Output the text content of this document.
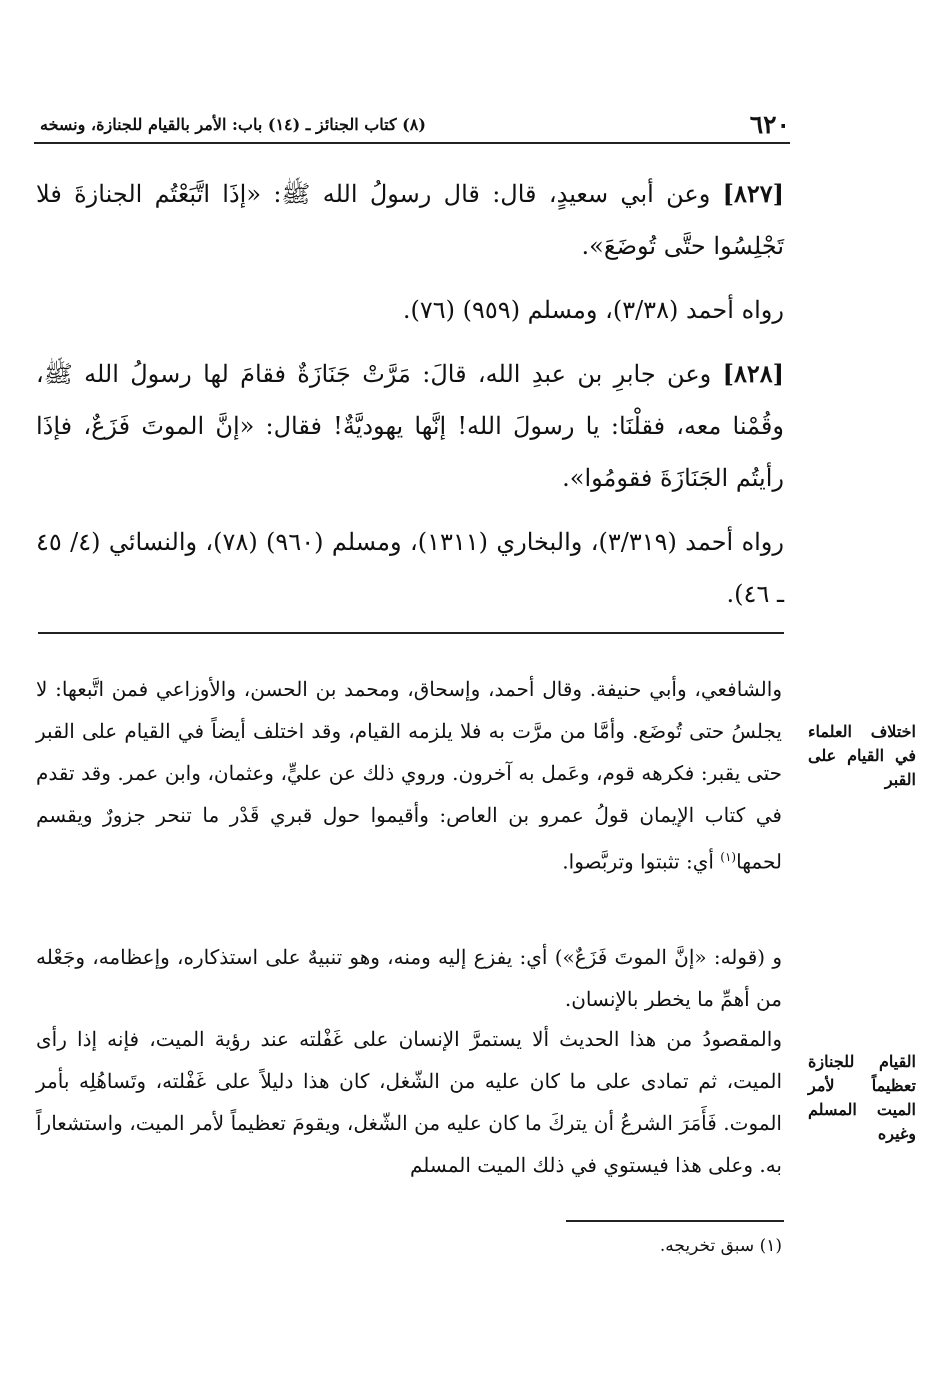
٦٢٠
(٨) كتاب الجنائز ـ (١٤) باب: الأمر بالقيام للجنازة، ونسخه
[٨٢٧] وعن أبي سعيدٍ، قال: قال رسولُ الله ﷺ: «إذَا اتَّبَعْتُم الجنازةَ فلا تَجْلِسُوا حتَّى تُوضَعَ».
رواه أحمد (٣/٣٨)، ومسلم (٩٥٩) (٧٦).
[٨٢٨] وعن جابرِ بن عبدِ الله، قالَ: مَرَّتْ جَنَازَةٌ فقامَ لها رسولُ الله ﷺ، وقُمْنا معه، فقلْنَا: يا رسولَ الله! إنَّها يهوديَّةٌ! فقال: «إنَّ الموتَ فَزَعٌ، فإذَا رأيتُم الجَنَازَةَ فقومُوا».
رواه أحمد (٣/٣١٩)، والبخاري (١٣١١)، ومسلم (٩٦٠) (٧٨)، والنسائي (٤/ ٤٥ ـ ٤٦).
والشافعي، وأبي حنيفة. وقال أحمد، وإسحاق، ومحمد بن الحسن، والأوزاعي فمن اتَّبعها: لا يجلسُ حتى تُوضَع. وأمَّا من مرَّت به فلا يلزمه القيام، وقد اختلف أيضاً في القيام على القبر حتى يقبر: فكرهه قوم، وعَمل به آخرون. وروي ذلك عن عليٍّ، وعثمان، وابن عمر. وقد تقدم في كتاب الإيمان قولُ عمرو بن العاص: وأقيموا حول قبري قَدْر ما تنحر جزورٌ ويقسم لحمها$^{(١)}$ أي: تثبتوا وتربَّصوا.
و (قوله: «إنَّ الموتَ فَزَعٌ») أي: يفزع إليه ومنه، وهو تنبيهٌ على استذكاره، وإعظامه، وجَعْله من أهمِّ ما يخطر بالإنسان.
والمقصودُ من هذا الحديث ألا يستمرَّ الإنسان على غَفْلته عند رؤية الميت، فإنه إذا رأى الميت، ثم تمادى على ما كان عليه من الشّغل، كان هذا دليلاً على غَفْلته، وتَساهُلِه بأمر الموت. فَأَمَرَ الشرعُ أن يتركَ ما كان عليه من الشّغل، ويقومَ تعظيماً لأمر الميت، واستشعاراً به. وعلى هذا فيستوي في ذلك الميت المسلم
اختلاف العلماء في القيام على القبر
القيام للجنازة تعظيماً لأمر الميت المسلم وغيره
(١) سبق تخريجه.
